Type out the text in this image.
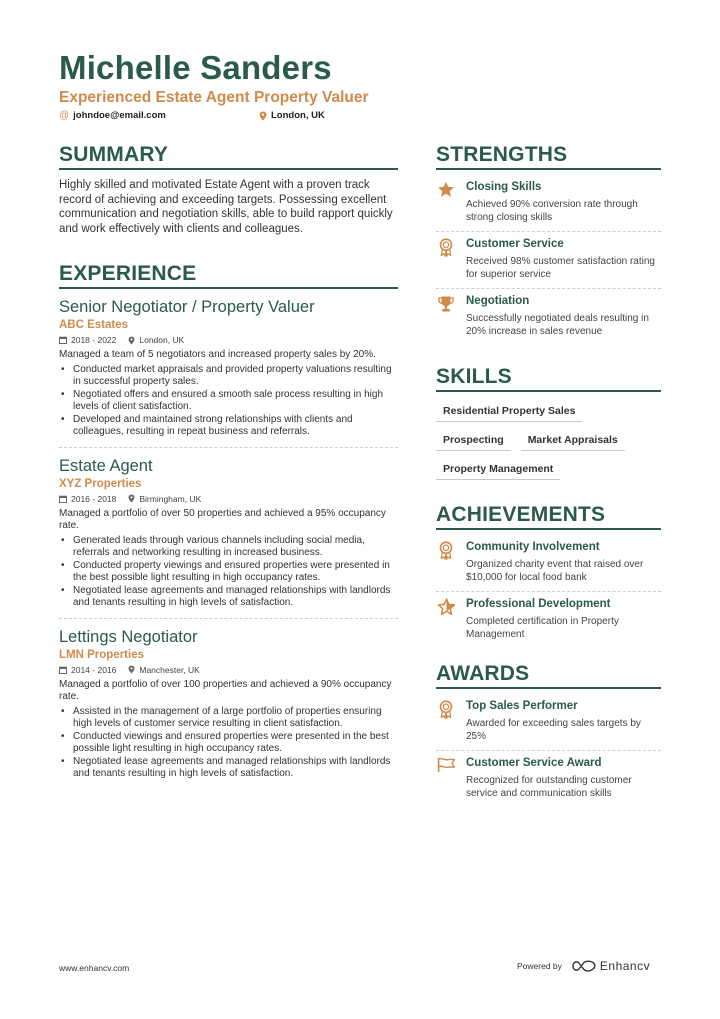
Michelle Sanders
Experienced Estate Agent Property Valuer
@ johndoe@email.com	London, UK
SUMMARY
Highly skilled and motivated Estate Agent with a proven track record of achieving and exceeding targets. Possessing excellent communication and negotiation skills, able to build rapport quickly and work effectively with clients and colleagues.
EXPERIENCE
Senior Negotiator / Property Valuer
ABC Estates
2018 - 2022	London, UK
Managed a team of 5 negotiators and increased property sales by 20%.
• Conducted market appraisals and provided property valuations resulting in successful property sales.
• Negotiated offers and ensured a smooth sale process resulting in high levels of client satisfaction.
• Developed and maintained strong relationships with clients and colleagues, resulting in repeat business and referrals.
Estate Agent
XYZ Properties
2016 - 2018	Birmingham, UK
Managed a portfolio of over 50 properties and achieved a 95% occupancy rate.
• Generated leads through various channels including social media, referrals and networking resulting in increased business.
• Conducted property viewings and ensured properties were presented in the best possible light resulting in high occupancy rates.
• Negotiated lease agreements and managed relationships with landlords and tenants resulting in high levels of satisfaction.
Lettings Negotiator
LMN Properties
2014 - 2016	Manchester, UK
Managed a portfolio of over 100 properties and achieved a 90% occupancy rate.
• Assisted in the management of a large portfolio of properties ensuring high levels of customer service resulting in client satisfaction.
• Conducted viewings and ensured properties were presented in the best possible light resulting in high occupancy rates.
• Negotiated lease agreements and managed relationships with landlords and tenants resulting in high levels of satisfaction.
STRENGTHS
Closing Skills
Achieved 90% conversion rate through strong closing skills
Customer Service
Received 98% customer satisfaction rating for superior service
Negotiation
Successfully negotiated deals resulting in 20% increase in sales revenue
SKILLS
Residential Property Sales
Prospecting	Market Appraisals
Property Management
ACHIEVEMENTS
Community Involvement
Organized charity event that raised over $10,000 for local food bank
Professional Development
Completed certification in Property Management
AWARDS
Top Sales Performer
Awarded for exceeding sales targets by 25%
Customer Service Award
Recognized for outstanding customer service and communication skills
www.enhancv.com	Powered by	Enhancv
